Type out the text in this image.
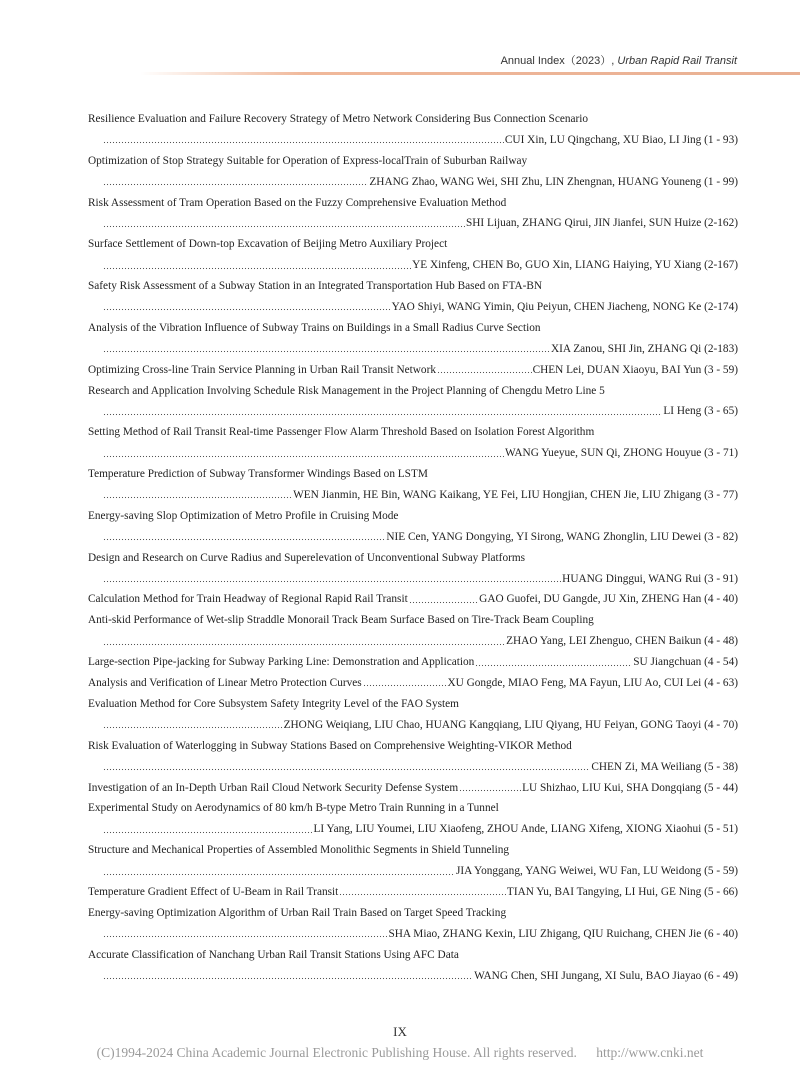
Annual Index（2023）, Urban Rapid Rail Transit
Resilience Evaluation and Failure Recovery Strategy of Metro Network Considering Bus Connection Scenario
CUI Xin, LU Qingchang, XU Biao, LI Jing (1 - 93)
Optimization of Stop Strategy Suitable for Operation of Express-localTrain of Suburban Railway
ZHANG Zhao, WANG Wei, SHI Zhu, LIN Zhengnan, HUANG Youneng (1 - 99)
Risk Assessment of Tram Operation Based on the Fuzzy Comprehensive Evaluation Method
SHI Lijuan, ZHANG Qirui, JIN Jianfei, SUN Huize (2-162)
Surface Settlement of Down-top Excavation of Beijing Metro Auxiliary Project
YE Xinfeng, CHEN Bo, GUO Xin, LIANG Haiying, YU Xiang (2-167)
Safety Risk Assessment of a Subway Station in an Integrated Transportation Hub Based on FTA-BN
YAO Shiyi, WANG Yimin, Qiu Peiyun, CHEN Jiacheng, NONG Ke (2-174)
Analysis of the Vibration Influence of Subway Trains on Buildings in a Small Radius Curve Section
XIA Zanou, SHI Jin, ZHANG Qi (2-183)
Optimizing Cross-line Train Service Planning in Urban Rail Transit Network	CHEN Lei, DUAN Xiaoyu, BAI Yun (3 - 59)
Research and Application Involving Schedule Risk Management in the Project Planning of Chengdu Metro Line 5
LI Heng (3 - 65)
Setting Method of Rail Transit Real-time Passenger Flow Alarm Threshold Based on Isolation Forest Algorithm
WANG Yueyue, SUN Qi, ZHONG Houyue (3 - 71)
Temperature Prediction of Subway Transformer Windings Based on LSTM
WEN Jianmin, HE Bin, WANG Kaikang, YE Fei, LIU Hongjian, CHEN Jie, LIU Zhigang (3 - 77)
Energy-saving Slop Optimization of Metro Profile in Cruising Mode
NIE Cen, YANG Dongying, YI Sirong, WANG Zhonglin, LIU Dewei (3 - 82)
Design and Research on Curve Radius and Superelevation of Unconventional Subway Platforms
HUANG Dinggui, WANG Rui (3 - 91)
Calculation Method for Train Headway of Regional Rapid Rail Transit	GAO Guofei, DU Gangde, JU Xin, ZHENG Han (4 - 40)
Anti-skid Performance of Wet-slip Straddle Monorail Track Beam Surface Based on Tire-Track Beam Coupling
ZHAO Yang, LEI Zhenguo, CHEN Baikun (4 - 48)
Large-section Pipe-jacking for Subway Parking Line: Demonstration and Application	SU Jiangchuan (4 - 54)
Analysis and Verification of Linear Metro Protection Curves	XU Gongde, MIAO Feng, MA Fayun, LIU Ao, CUI Lei (4 - 63)
Evaluation Method for Core Subsystem Safety Integrity Level of the FAO System
ZHONG Weiqiang, LIU Chao, HUANG Kangqiang, LIU Qiyang, HU Feiyan, GONG Taoyi (4 - 70)
Risk Evaluation of Waterlogging in Subway Stations Based on Comprehensive Weighting-VIKOR Method
CHEN Zi, MA Weiliang (5 - 38)
Investigation of an In-Depth Urban Rail Cloud Network Security Defense System	LU Shizhao, LIU Kui, SHA Dongqiang (5 - 44)
Experimental Study on Aerodynamics of 80 km/h B-type Metro Train Running in a Tunnel
LI Yang, LIU Youmei, LIU Xiaofeng, ZHOU Ande, LIANG Xifeng, XIONG Xiaohui (5 - 51)
Structure and Mechanical Properties of Assembled Monolithic Segments in Shield Tunneling
JIA Yonggang, YANG Weiwei, WU Fan, LU Weidong (5 - 59)
Temperature Gradient Effect of U-Beam in Rail Transit	TIAN Yu, BAI Tangying, LI Hui, GE Ning (5 - 66)
Energy-saving Optimization Algorithm of Urban Rail Train Based on Target Speed Tracking
SHA Miao, ZHANG Kexin, LIU Zhigang, QIU Ruichang, CHEN Jie (6 - 40)
Accurate Classification of Nanchang Urban Rail Transit Stations Using AFC Data
WANG Chen, SHI Jungang, XI Sulu, BAO Jiayao (6 - 49)
IX
(C)1994-2024 China Academic Journal Electronic Publishing House. All rights reserved. http://www.cnki.net
